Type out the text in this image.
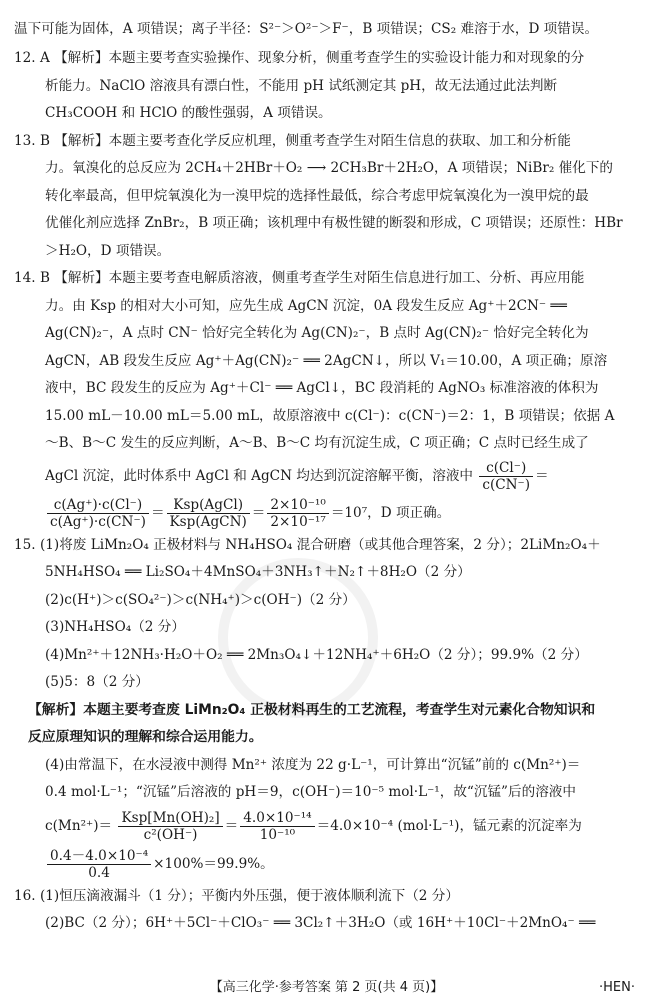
温下可能为固体，A 项错误；离子半径：S²⁻＞O²⁻＞F⁻，B 项错误；CS₂ 难溶于水，D 项错误。
12. A 【解析】本题主要考查实验操作、现象分析，侧重考查学生的实验设计能力和对现象的分
析能力。NaClO 溶液具有漂白性，不能用 pH 试纸测定其 pH，故无法通过此法判断
CH₃COOH 和 HClO 的酸性强弱，A 项错误。
13. B 【解析】本题主要考查化学反应机理，侧重考查学生对陌生信息的获取、加工和分析能
力。氧溴化的总反应为 2CH₄＋2HBr＋O₂ ⟶ 2CH₃Br＋2H₂O，A 项错误；NiBr₂ 催化下的
转化率最高，但甲烷氧溴化为一溴甲烷的选择性最低，综合考虑甲烷氧溴化为一溴甲烷的最
优催化剂应选择 ZnBr₂，B 项正确；该机理中有极性键的断裂和形成，C 项错误；还原性：HBr
＞H₂O，D 项错误。
14. B 【解析】本题主要考查电解质溶液，侧重考查学生对陌生信息进行加工、分析、再应用能
力。由 Ksp 的相对大小可知，应先生成 AgCN 沉淀，0A 段发生反应 Ag⁺＋2CN⁻ ══
Ag(CN)₂⁻，A 点时 CN⁻ 恰好完全转化为 Ag(CN)₂⁻，B 点时 Ag(CN)₂⁻ 恰好完全转化为
AgCN，AB 段发生反应 Ag⁺＋Ag(CN)₂⁻ ══ 2AgCN↓，所以 V₁＝10.00，A 项正确；原溶
液中，BC 段发生的反应为 Ag⁺＋Cl⁻ ══ AgCl↓，BC 段消耗的 AgNO₃ 标准溶液的体积为
15.00 mL－10.00 mL＝5.00 mL，故原溶液中 c(Cl⁻)：c(CN⁻)＝2：1，B 项错误；依据 A
～B、B～C 发生的反应判断，A～B、B～C 均有沉淀生成，C 项正确；C 点时已经生成了
AgCl 沉淀，此时体系中 AgCl 和 AgCN 均达到沉淀溶解平衡，溶液中 $\frac{c(Cl^-)}{c(CN^-)}$ ＝
$\frac{c(Ag^+)\cdot c(Cl^-)}{c(Ag^+)\cdot c(CN^-)} = \frac{\text{Ksp(AgCl)}}{\text{Ksp(AgCN)}} = \frac{\text{2×10⁻¹⁰}}{\text{2×10⁻¹⁷}} =10^7$，D 项正确。
15. (1)将废 LiMn₂O₄ 正极材料与 NH₄HSO₄ 混合研磨（或其他合理答案，2 分）；2LiMn₂O₄＋
5NH₄HSO₄ ══ Li₂SO₄＋4MnSO₄＋3NH₃↑＋N₂↑＋8H₂O（2 分）
(2)c(H⁺)＞c(SO₄²⁻)＞c(NH₄⁺)＞c(OH⁻)（2 分）
(3)NH₄HSO₄（2 分）
(4)Mn²⁺＋12NH₃·H₂O＋O₂ ══ 2Mn₃O₄↓＋12NH₄⁺＋6H₂O（2 分）；99.9%（2 分）
(5)5：8（2 分）
【解析】本题主要考查废 LiMn₂O₄ 正极材料再生的工艺流程，考查学生对元素化合物知识和
反应原理知识的理解和综合运用能力。
(4)由常温下，在水浸液中测得 Mn²⁺ 浓度为 22 g·L⁻¹，可计算出“沉锰”前的 c(Mn²⁺)＝
0.4 mol·L⁻¹；“沉锰”后溶液的 pH＝9，c(OH⁻)＝10⁻⁵ mol·L⁻¹，故“沉锰”后的溶液中
$c(Mn^{2+})= \frac{\text{Ksp[Mn(OH)₂]}}{\text{c²(OH⁻)}} = \frac{\text{4.0×10⁻¹⁴}}{\text{10⁻¹⁰}} =4.0\times 10^{-4}$ (mol·L⁻¹)，锰元素的沉淀率为
$\frac{\text{0.4－4.0×10⁻⁴}}{0.4} \times 100\%=99.9\%$。
16. (1)恒压滴液漏斗（1 分）；平衡内外压强，便于液体顺利流下（2 分）
(2)BC（2 分）；6H⁺＋5Cl⁻＋ClO₃⁻ ══ 3Cl₂↑＋3H₂O（或 16H⁺＋10Cl⁻＋2MnO₄⁻ ══
【高三化学·参考答案 第 2 页(共 4 页)】	·HEN·
